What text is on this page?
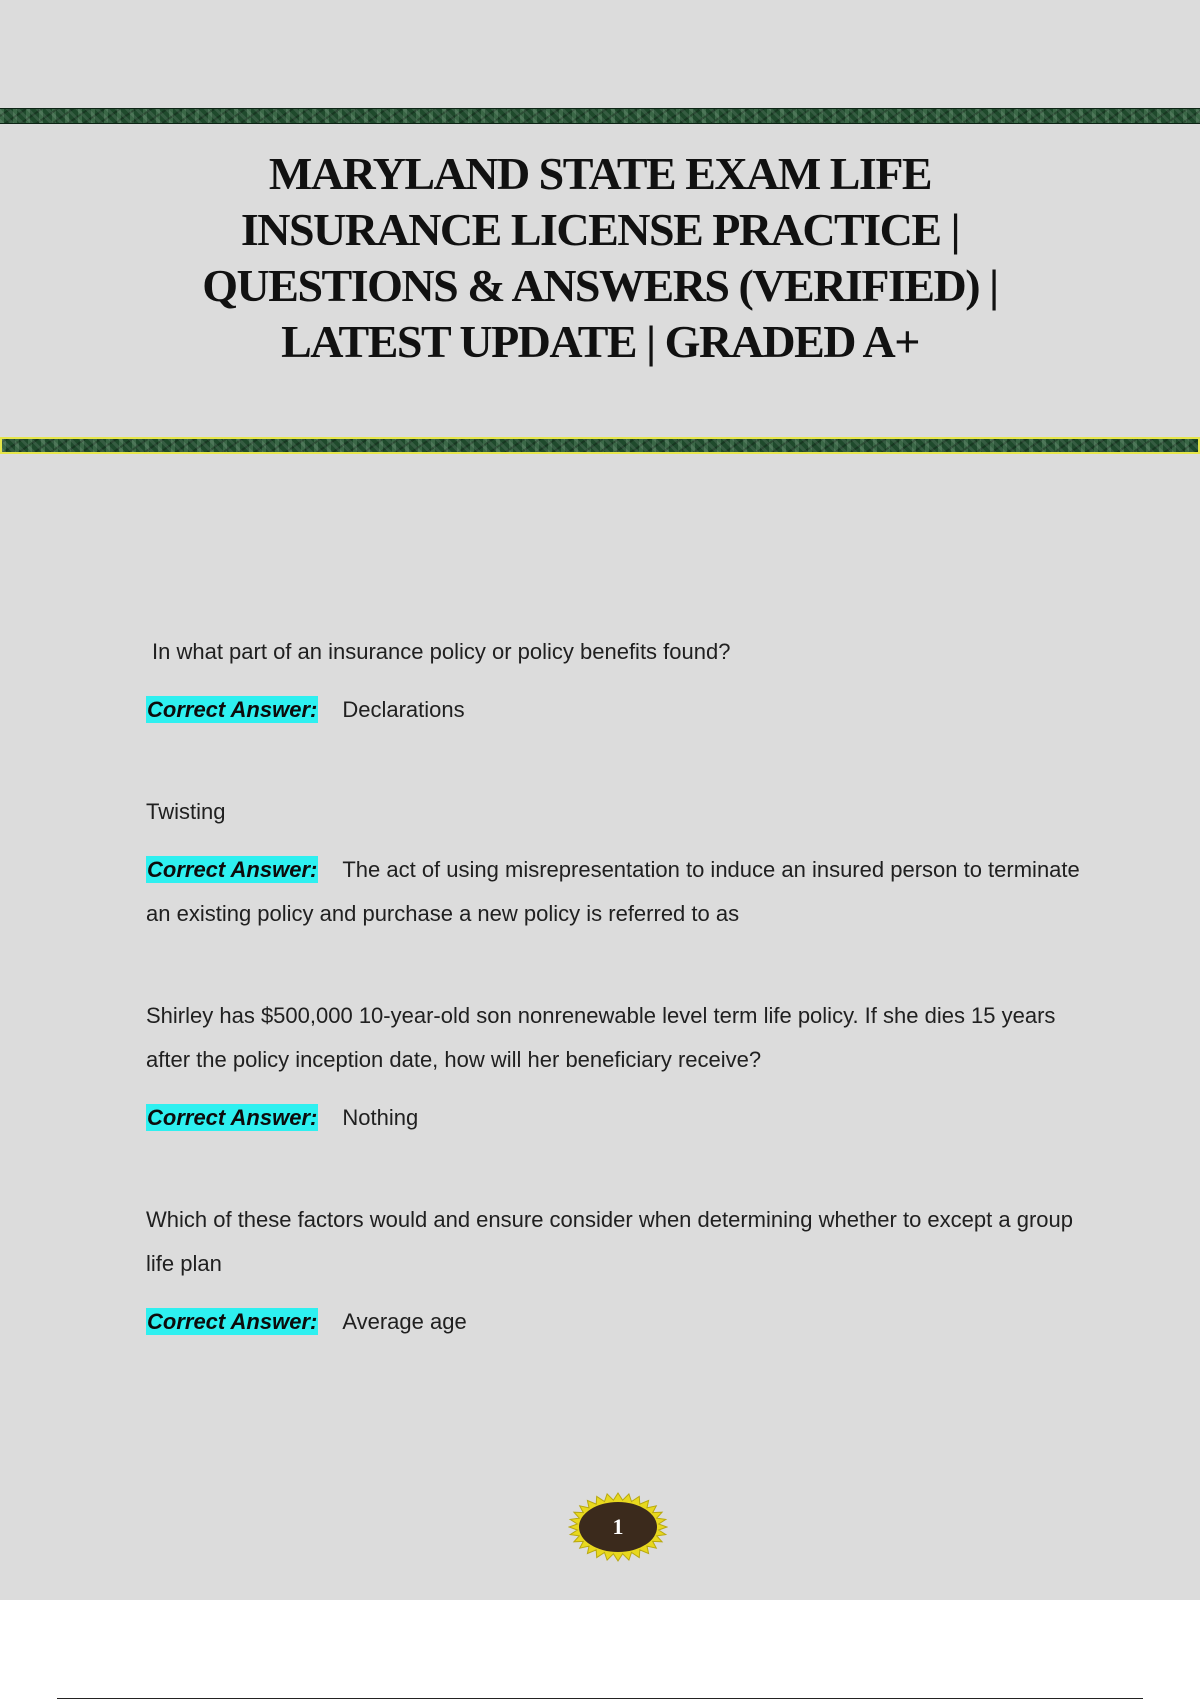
MARYLAND STATE EXAM LIFE INSURANCE LICENSE PRACTICE | QUESTIONS & ANSWERS (VERIFIED) | LATEST UPDATE | GRADED A+

In what part of an insurance policy or policy benefits found?

Correct Answer: Declarations

Twisting

Correct Answer: The act of using misrepresentation to induce an insured person to terminate an existing policy and purchase a new policy is referred to as

Shirley has $500,000 10-year-old son nonrenewable level term life policy. If she dies 15 years after the policy inception date, how will her beneficiary receive?

Correct Answer: Nothing

Which of these factors would and ensure consider when determining whether to except a group life plan

Correct Answer: Average age

1
